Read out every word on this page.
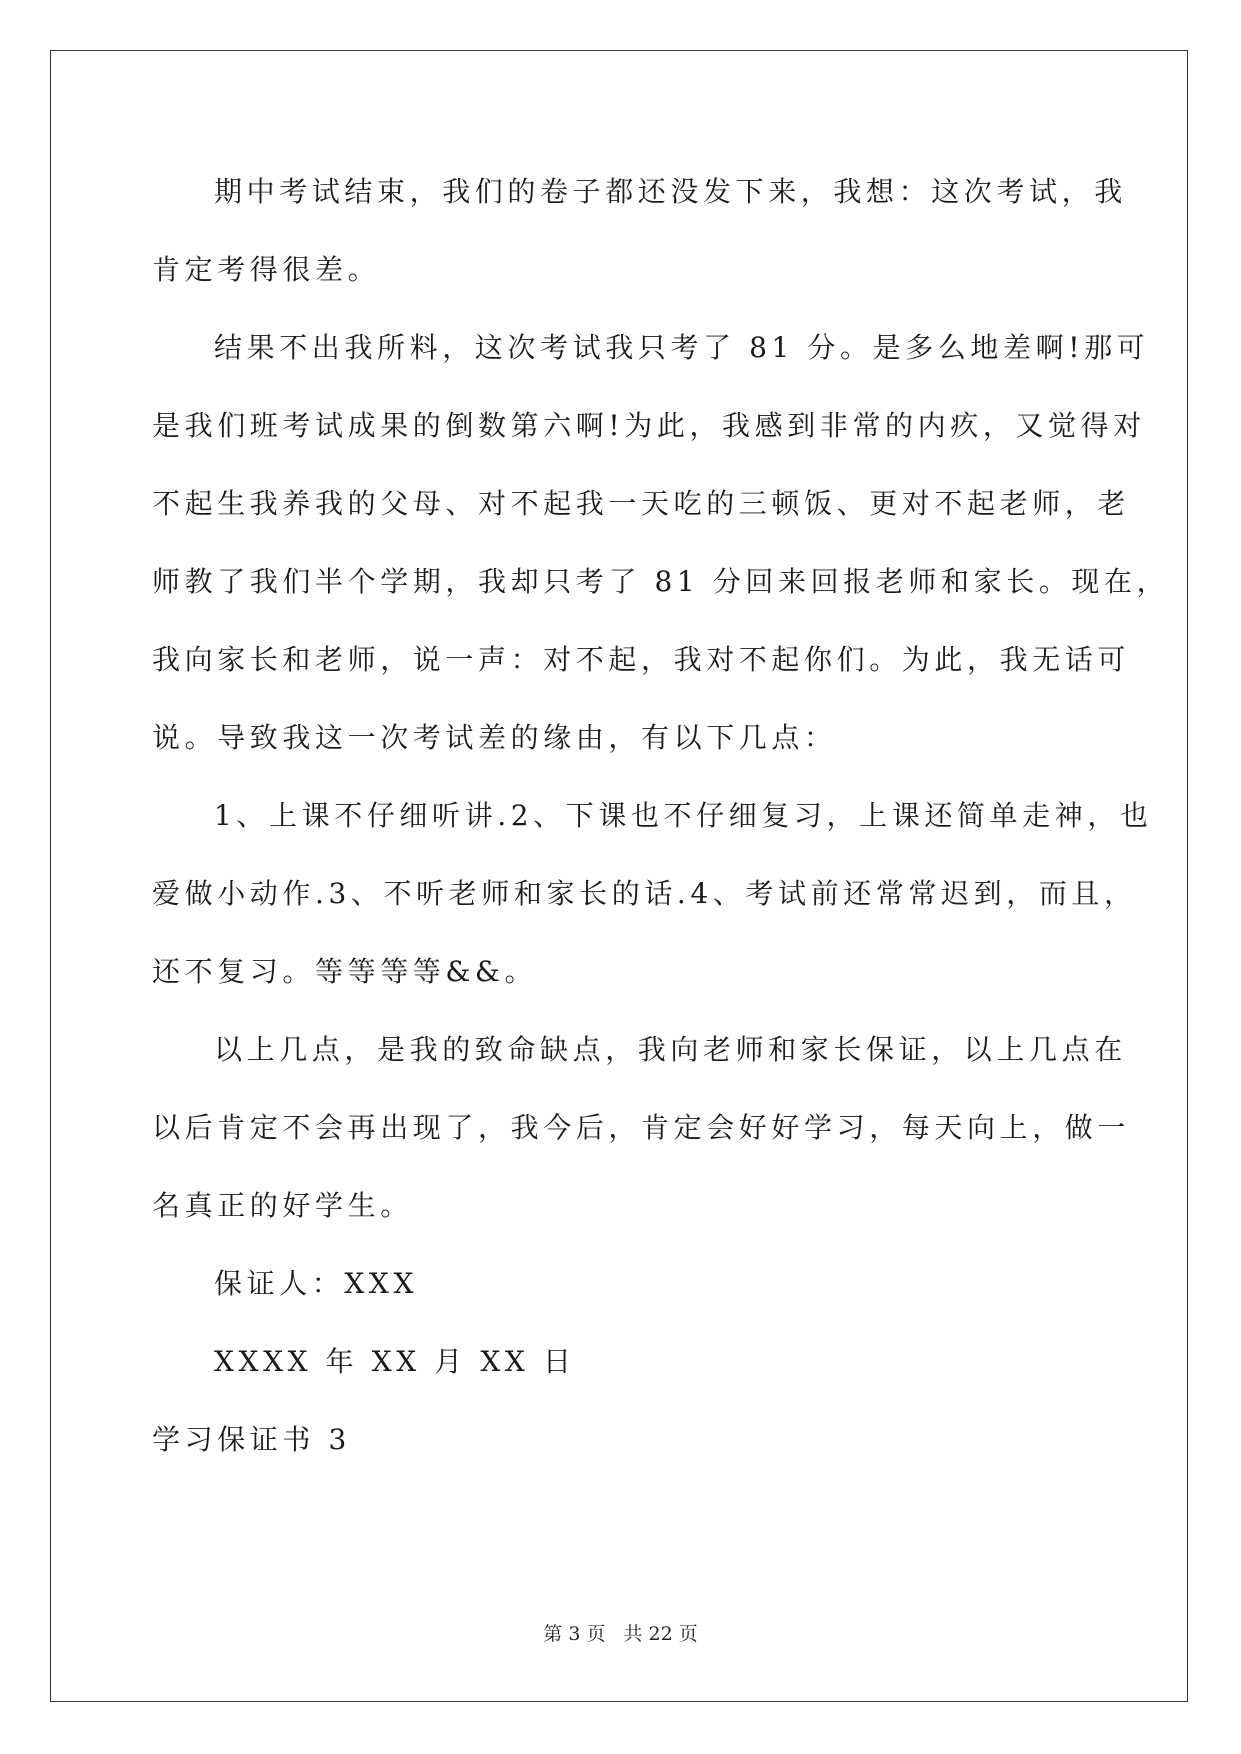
期中考试结束，我们的卷子都还没发下来，我想：这次考试，我
肯定考得很差。
结果不出我所料，这次考试我只考了 81 分。是多么地差啊!那可
是我们班考试成果的倒数第六啊!为此，我感到非常的内疚，又觉得对
不起生我养我的父母、对不起我一天吃的三顿饭、更对不起老师，老
师教了我们半个学期，我却只考了 81 分回来回报老师和家长。现在，
我向家长和老师，说一声：对不起，我对不起你们。为此，我无话可
说。导致我这一次考试差的缘由，有以下几点：
1、上课不仔细听讲.2、下课也不仔细复习，上课还简单走神，也
爱做小动作.3、不听老师和家长的话.4、考试前还常常迟到，而且，
还不复习。等等等等&&。
以上几点，是我的致命缺点，我向老师和家长保证，以上几点在
以后肯定不会再出现了，我今后，肯定会好好学习，每天向上，做一
名真正的好学生。
保证人：XXX
XXXX 年 XX 月 XX 日
学习保证书 3
第 3 页 共 22 页
